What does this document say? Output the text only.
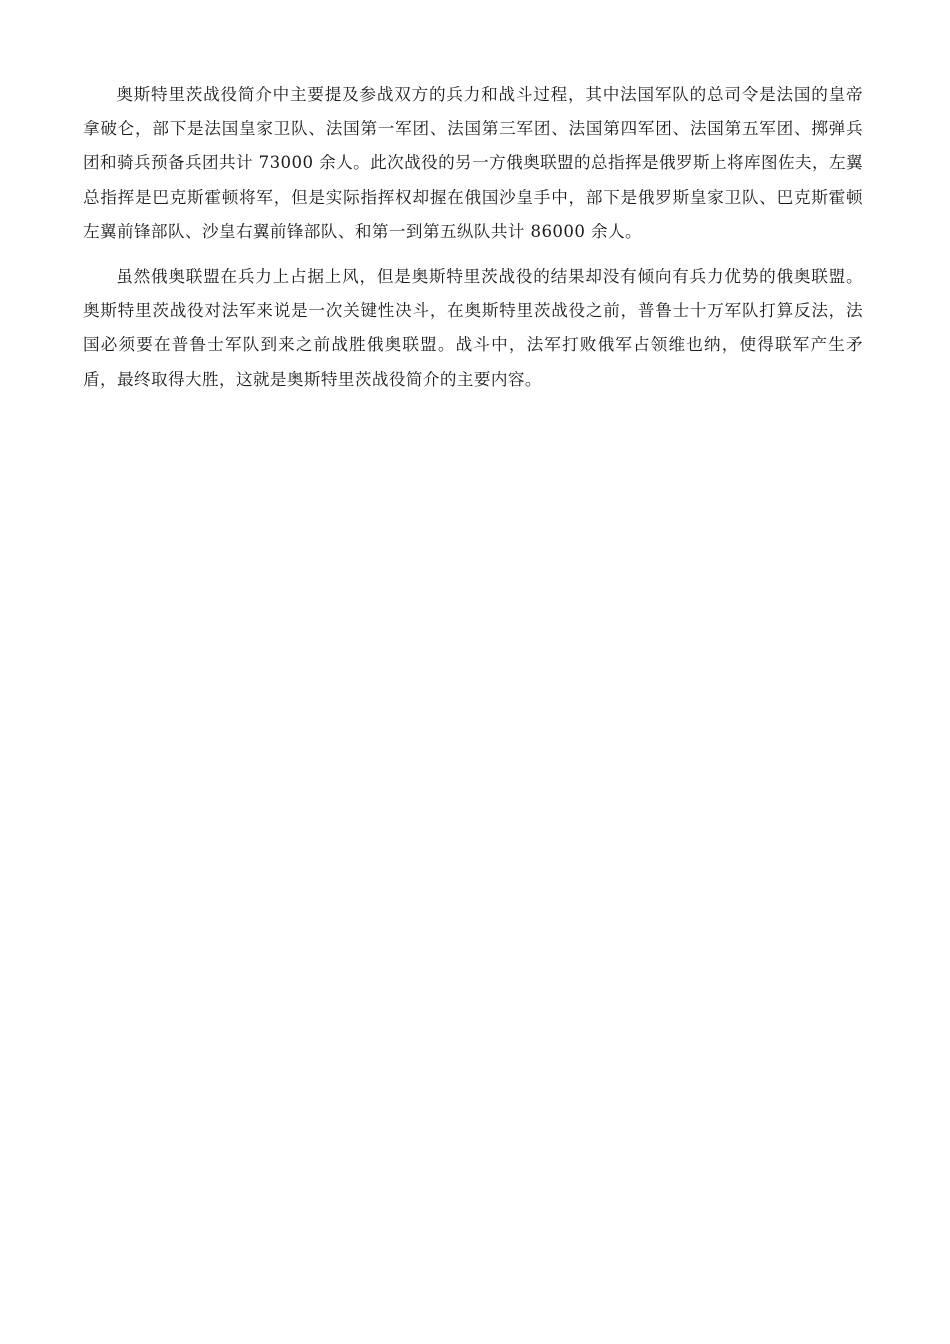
奥斯特里茨战役简介中主要提及参战双方的兵力和战斗过程，其中法国军队的总司令是法国的皇帝拿破仑，部下是法国皇家卫队、法国第一军团、法国第三军团、法国第四军团、法国第五军团、掷弹兵团和骑兵预备兵团共计 73000 余人。此次战役的另一方俄奥联盟的总指挥是俄罗斯上将库图佐夫，左翼总指挥是巴克斯霍顿将军，但是实际指挥权却握在俄国沙皇手中，部下是俄罗斯皇家卫队、巴克斯霍顿左翼前锋部队、沙皇右翼前锋部队、和第一到第五纵队共计 86000 余人。

虽然俄奥联盟在兵力上占据上风，但是奥斯特里茨战役的结果却没有倾向有兵力优势的俄奥联盟。奥斯特里茨战役对法军来说是一次关键性决斗，在奥斯特里茨战役之前，普鲁士十万军队打算反法，法国必须要在普鲁士军队到来之前战胜俄奥联盟。战斗中，法军打败俄军占领维也纳，使得联军产生矛盾，最终取得大胜，这就是奥斯特里茨战役简介的主要内容。
